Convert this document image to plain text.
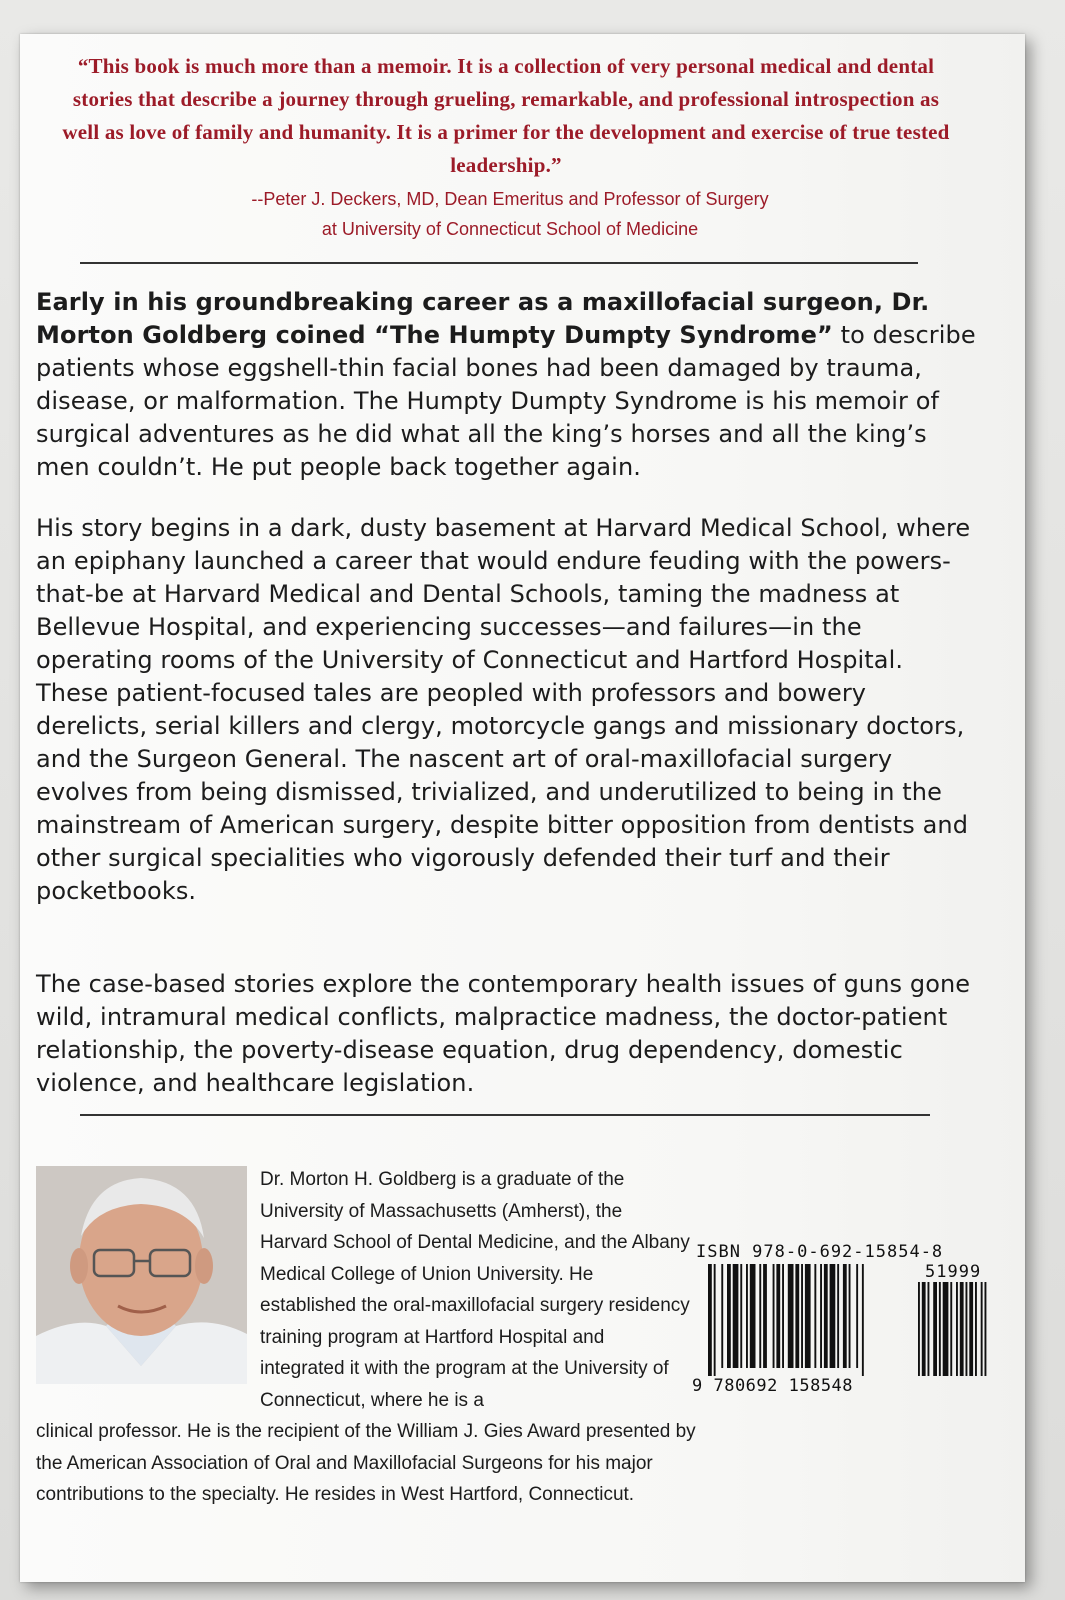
“This book is much more than a memoir. It is a collection of very personal medical and dental stories that describe a journey through grueling, remarkable, and professional introspection as well as love of family and humanity. It is a primer for the development and exercise of true tested leadership.”
--Peter J. Deckers, MD, Dean Emeritus and Professor of Surgery
at University of Connecticut School of Medicine
Early in his groundbreaking career as a maxillofacial surgeon, Dr. Morton Goldberg coined “The Humpty Dumpty Syndrome” to describe patients whose eggshell-thin facial bones had been damaged by trauma, disease, or malformation. The Humpty Dumpty Syndrome is his memoir of surgical adventures as he did what all the king’s horses and all the king’s men couldn’t. He put people back together again.
His story begins in a dark, dusty basement at Harvard Medical School, where an epiphany launched a career that would endure feuding with the powers-that-be at Harvard Medical and Dental Schools, taming the madness at Bellevue Hospital, and experiencing successes—and failures—in the operating rooms of the University of Connecticut and Hartford Hospital. These patient-focused tales are peopled with professors and bowery derelicts, serial killers and clergy, motorcycle gangs and missionary doctors, and the Surgeon General. The nascent art of oral-maxillofacial surgery evolves from being dismissed, trivialized, and underutilized to being in the mainstream of American surgery, despite bitter opposition from dentists and other surgical specialities who vigorously defended their turf and their pocketbooks.
The case-based stories explore the contemporary health issues of guns gone wild, intramural medical conflicts, malpractice madness, the doctor-patient relationship, the poverty-disease equation, drug dependency, domestic violence, and healthcare legislation.
Dr. Morton H. Goldberg is a graduate of the University of Massachusetts (Amherst), the Harvard School of Dental Medicine, and the Albany Medical College of Union University. He established the oral-maxillofacial surgery residency training program at Hartford Hospital and integrated it with the program at the University of Connecticut, where he is a
clinical professor. He is the recipient of the William J. Gies Award presented by the American Association of Oral and Maxillofacial Surgeons for his major contributions to the specialty. He resides in West Hartford, Connecticut.
ISBN 978-0-692-15854-8
51999
9 780692 158548
